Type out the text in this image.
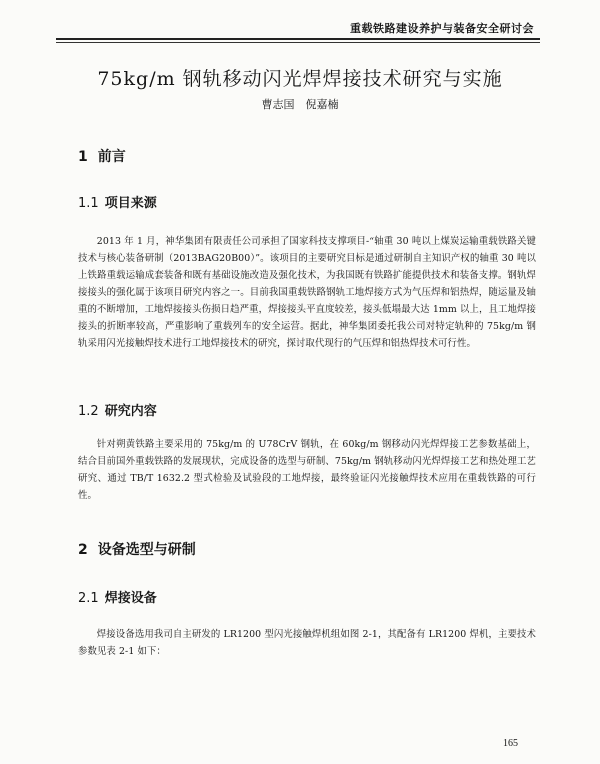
重载铁路建设养护与装备安全研讨会
75kg/m 钢轨移动闪光焊焊接技术研究与实施
曹志国　倪嘉楠
1 前言
1.1 项目来源
2013 年 1 月，神华集团有限责任公司承担了国家科技支撑项目-“轴重 30 吨以上煤炭运输重载铁路关键技术与核心装备研制（2013BAG20B00）”。该项目的主要研究目标是通过研制自主知识产权的轴重 30 吨以上铁路重载运输成套装备和既有基础设施改造及强化技术，为我国既有铁路扩能提供技术和装备支撑。钢轨焊接接头的强化属于该项目研究内容之一。目前我国重载铁路钢轨工地焊接方式为气压焊和铝热焊，随运量及轴重的不断增加，工地焊接接头伤损日趋严重，焊接接头平直度较差，接头低塌最大达 1mm 以上，且工地焊接接头的折断率较高，严重影响了重载列车的安全运营。据此，神华集团委托我公司对特定轨种的 75kg/m 钢轨采用闪光接触焊技术进行工地焊接技术的研究，探讨取代现行的气压焊和铝热焊技术可行性。
1.2 研究内容
针对朔黄铁路主要采用的 75kg/m 的 U78CrV 钢轨，在 60kg/m 钢移动闪光焊焊接工艺参数基础上，结合目前国外重载铁路的发展现状，完成设备的选型与研制、75kg/m 钢轨移动闪光焊焊接工艺和热处理工艺研究、通过 TB/T 1632.2 型式检验及试验段的工地焊接，最终验证闪光接触焊技术应用在重载铁路的可行性。
2 设备选型与研制
2.1 焊接设备
焊接设备选用我司自主研发的 LR1200 型闪光接触焊机组如图 2-1，其配备有 LR1200 焊机，主要技术参数见表 2-1 如下：
165
